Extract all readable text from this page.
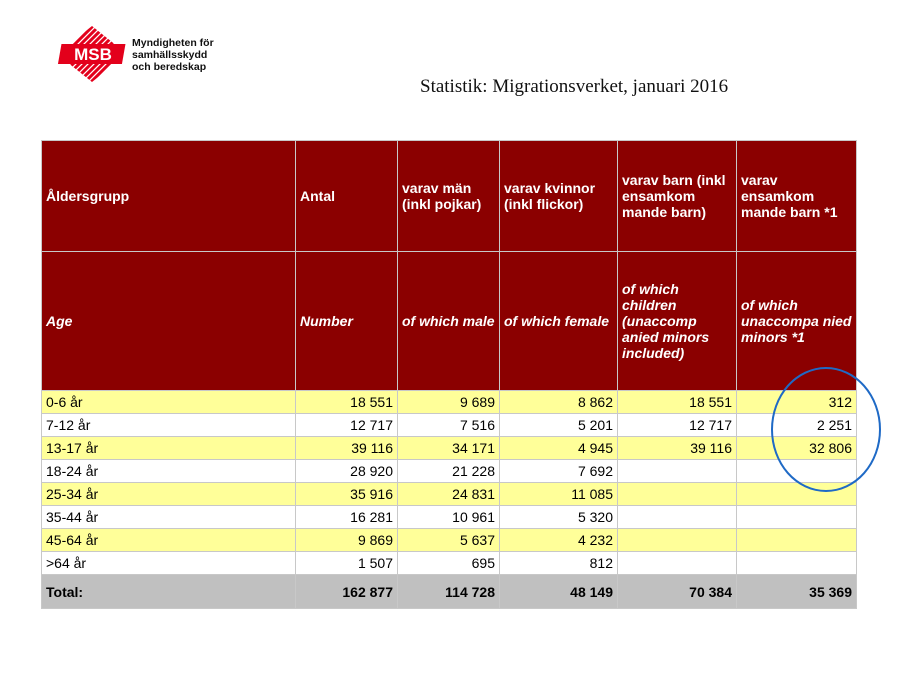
MSB
Myndigheten för
samhällsskydd
och beredskap
Statistik: Migrationsverket, januari 2016
Åldersgrupp	Antal	varav män (inkl pojkar)	varav kvinnor (inkl flickor)	varav barn (inkl ensamkom mande barn)	varav ensamkom mande barn *1
Age	Number	of which male	of which female	of which children (unaccomp anied minors included)	of which unaccompa nied minors *1
0-6 år	18 551	9 689	8 862	18 551	312
7-12 år	12 717	7 516	5 201	12 717	2 251
13-17 år	39 116	34 171	4 945	39 116	32 806
18-24 år	28 920	21 228	7 692		
25-34 år	35 916	24 831	11 085		
35-44 år	16 281	10 961	5 320		
45-64 år	9 869	5 637	4 232		
>64 år	1 507	695	812		
Total:	162 877	114 728	48 149	70 384	35 369
